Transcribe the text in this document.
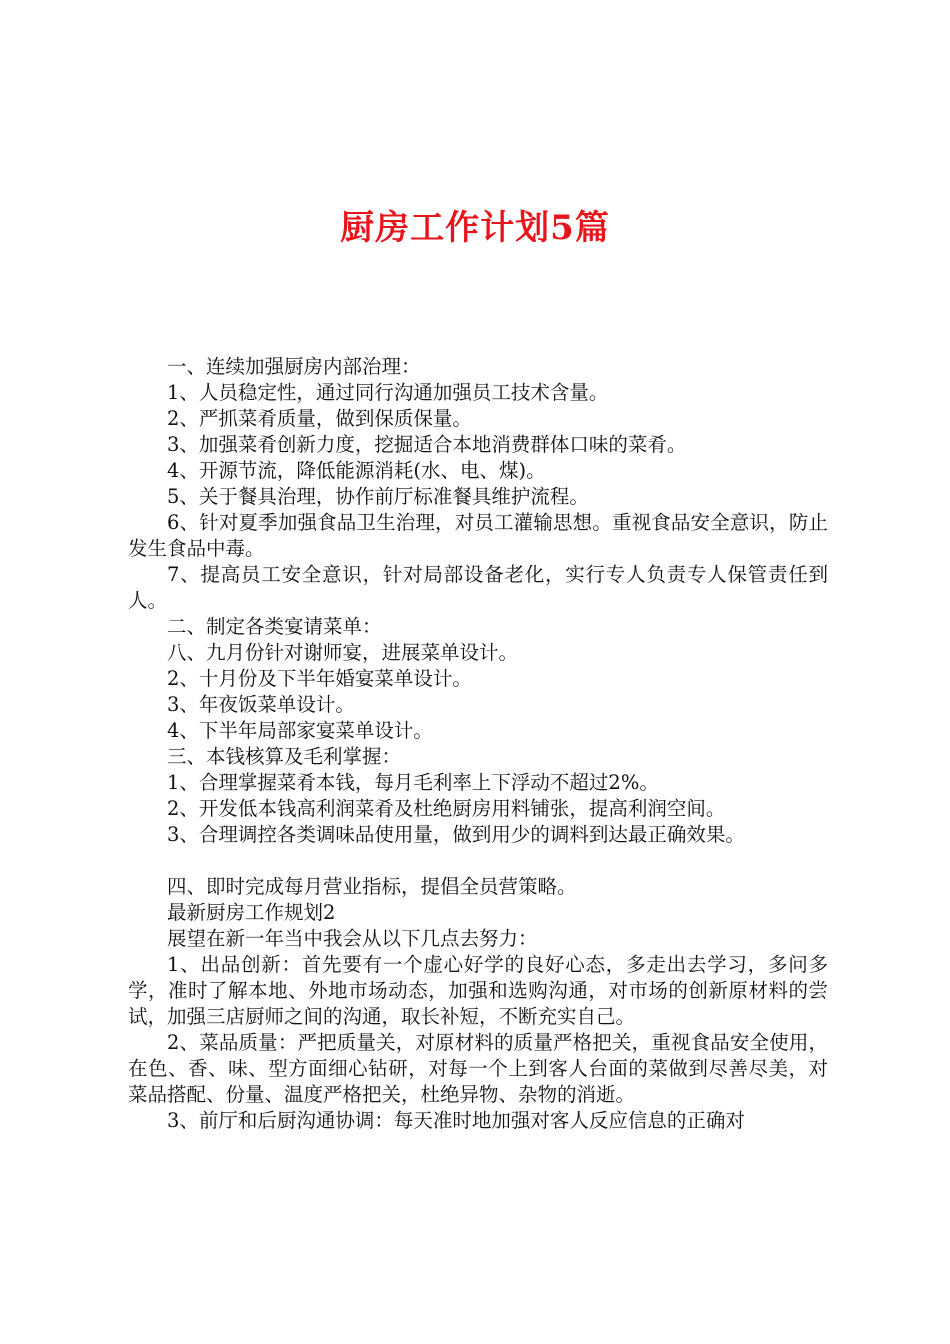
厨房工作计划5篇

一、连续加强厨房内部治理：

1、人员稳定性，通过同行沟通加强员工技术含量。

2、严抓菜肴质量，做到保质保量。

3、加强菜肴创新力度，挖掘适合本地消费群体口味的菜肴。

4、开源节流，降低能源消耗(水、电、煤)。

5、关于餐具治理，协作前厅标准餐具维护流程。

6、针对夏季加强食品卫生治理，对员工灌输思想。重视食品安全意识，防止发生食品中毒。

7、提高员工安全意识，针对局部设备老化，实行专人负责专人保管责任到人。

二、制定各类宴请菜单：

八、九月份针对谢师宴，进展菜单设计。

2、十月份及下半年婚宴菜单设计。

3、年夜饭菜单设计。

4、下半年局部家宴菜单设计。

三、本钱核算及毛利掌握：

1、合理掌握菜肴本钱，每月毛利率上下浮动不超过2%。

2、开发低本钱高利润菜肴及杜绝厨房用料铺张，提高利润空间。

3、合理调控各类调味品使用量，做到用少的调料到达最正确效果。

四、即时完成每月营业指标，提倡全员营策略。

最新厨房工作规划2

展望在新一年当中我会从以下几点去努力：

1、出品创新：首先要有一个虚心好学的良好心态，多走出去学习，多问多学，准时了解本地、外地市场动态，加强和选购沟通，对市场的创新原材料的尝试，加强三店厨师之间的沟通，取长补短，不断充实自己。

2、菜品质量：严把质量关，对原材料的质量严格把关，重视食品安全使用，在色、香、味、型方面细心钻研，对每一个上到客人台面的菜做到尽善尽美，对菜品搭配、份量、温度严格把关，杜绝异物、杂物的消逝。

3、前厅和后厨沟通协调：每天准时地加强对客人反应信息的正确对
